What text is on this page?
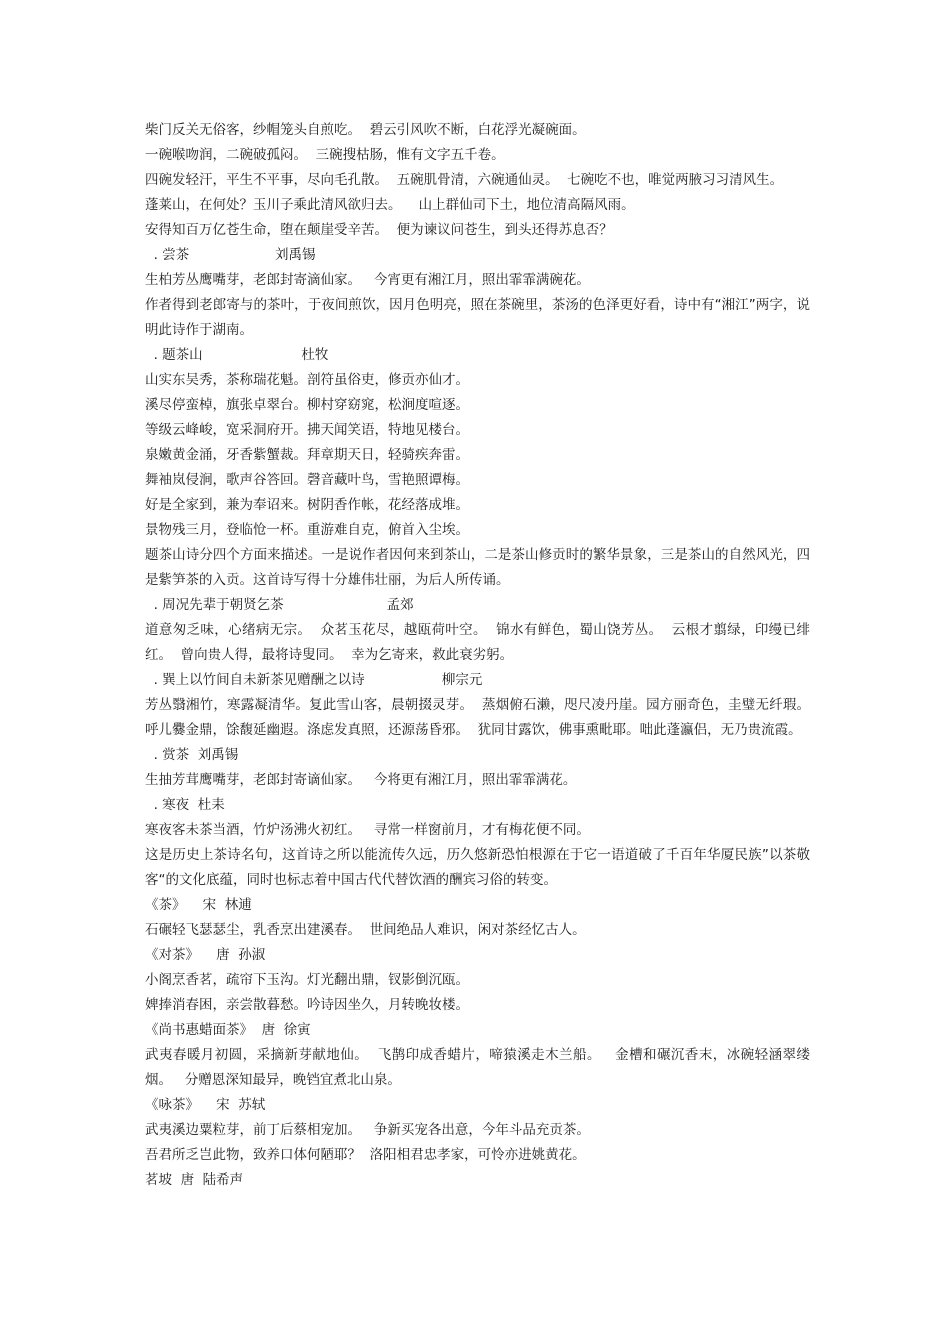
柴门反关无俗客，纱帽笼头自煎吃。  碧云引风吹不断，白花浮光凝碗面。
一碗喉吻润，二碗破孤闷。  三碗搜枯肠，惟有文字五千卷。
四碗发轻汗，平生不平事，尽向毛孔散。  五碗肌骨清，六碗通仙灵。  七碗吃不也，唯觉两腋习习清风生。
蓬莱山，在何处？玉川子乘此清风欲归去。    山上群仙司下土，地位清高隔风雨。
安得知百万亿苍生命，堕在颠崖受辛苦。  便为谏议问苍生，到头还得苏息否？
. 尝茶                    刘禹锡
生柏芳丛鹰嘴芽，老郎封寄滴仙家。   今宵更有湘江月，照出霏霏满碗花。
作者得到老郎寄与的茶叶，于夜间煎饮，因月色明亮，照在茶碗里，茶汤的色泽更好看，诗中有“湘江”两字，说明此诗作于湖南。
. 题茶山                       杜牧
山实东吴秀，茶称瑞花魁。剖符虽俗吏，修贡亦仙才。
溪尽停蛮棹，旗张卓翠台。柳村穿窈窕，松涧度喧逐。
等级云峰峻，宽采洞府开。拂天闻笑语，特地见楼台。
泉嫩黄金涌，牙香紫蟹裁。拜章期天日，轻骑疾奔雷。
舞袖岚侵涧，歌声谷答回。磬音藏叶鸟，雪艳照谭梅。
好是全家到，兼为奉诏来。树阴香作帐，花经落成堆。
景物残三月，登临怆一杯。重游难自克，俯首入尘埃。
题茶山诗分四个方面来描述。一是说作者因何来到茶山，二是茶山修贡时的繁华景象，三是茶山的自然风光，四是紫笋茶的入贡。这首诗写得十分雄伟壮丽，为后人所传诵。
. 周况先辈于朝贤乞茶                        孟郊
道意匆乏味，心绪病无宗。  众茗玉花尽，越瓯荷叶空。  锦水有鲜色，蜀山饶芳丛。  云根才翦绿，印缦已绯红。  曾向贵人得，最将诗叟同。  幸为乞寄来，救此衰劣躬。
. 巽上以竹间自未新茶见赠酬之以诗                  柳宗元
芳丛翳湘竹，寒露凝清华。复此雪山客，晨朝掇灵芽。  蒸烟俯石濑，咫尺凌丹崖。园方丽奇色，圭璧无纤瑕。  呼儿爨金鼎，馀馥延幽遐。涤虑发真照，还源荡昏邪。  犹同甘露饮，佛事熏毗耶。咄此蓬瀛侣，无乃贵流霞。
. 赏茶  刘禹锡
生抽芳茸鹰嘴芽，老郎封寄谪仙家。   今将更有湘江月，照出霏霏满花。
. 寒夜  杜耒
寒夜客未茶当酒，竹炉汤沸火初红。   寻常一样窗前月，才有梅花便不同。
这是历史上茶诗名句，这首诗之所以能流传久远，历久悠新恐怕根源在于它一语道破了千百年华厦民族”以茶敬客“的文化底蕴，同时也标志着中国古代代替饮酒的酬宾习俗的转变。
《茶》    宋  林逋
石碾轻飞瑟瑟尘，乳香烹出建溪春。  世间绝品人难识，闲对茶经忆古人。
《对茶》    唐  孙淑
小阁烹香茗，疏帘下玉沟。灯光翻出鼎，钗影倒沉瓯。
婢捧消春困，亲尝散暮愁。吟诗因坐久，月转晚妆楼。
《尚书惠蜡面茶》  唐  徐寅
武夷春暖月初圆，采摘新芽献地仙。  飞鹊印成香蜡片，啼猿溪走木兰船。   金槽和碾沉香末，冰碗轻涵翠缕烟。   分赠恩深知最异，晚铛宜煮北山泉。
《咏茶》    宋  苏轼
武夷溪边粟粒芽，前丁后蔡相宠加。   争新买宠各出意，今年斗品充贡茶。
吾君所乏岂此物，致养口体何陋耶？  洛阳相君忠孝家，可怜亦进姚黄花。
茗坡  唐  陆希声
